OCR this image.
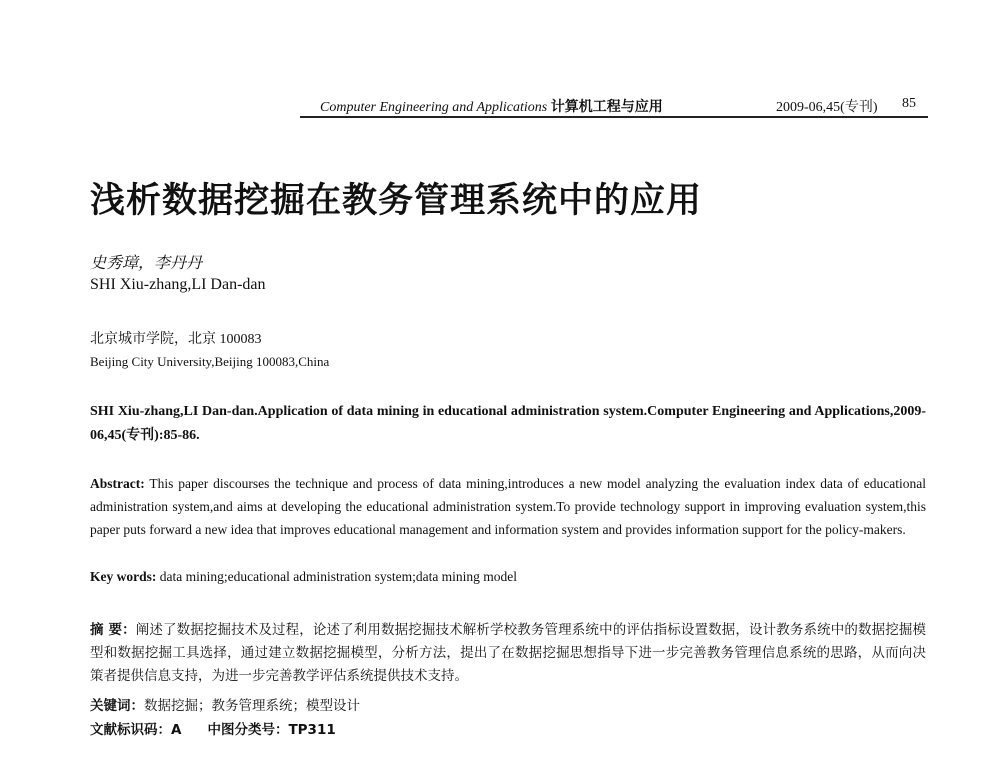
Computer Engineering and Applications 计算机工程与应用	2009-06,45(专刊) 85
浅析数据挖掘在教务管理系统中的应用
史秀璋，李丹丹
SHI Xiu-zhang,LI Dan-dan
北京城市学院，北京 100083
Beijing City University,Beijing 100083,China
SHI Xiu-zhang,LI Dan-dan.Application of data mining in educational administration system.Computer Engineering and Applications,2009-06,45(专刊):85-86.
Abstract: This paper discourses the technique and process of data mining,introduces a new model analyzing the evaluation index data of educational administration system,and aims at developing the educational administration system.To provide technology support in improving evaluation system,this paper puts forward a new idea that improves educational management and information system and provides information support for the policy-makers.
Key words: data mining;educational administration system;data mining model
摘 要：阐述了数据挖掘技术及过程，论述了利用数据挖掘技术解析学校教务管理系统中的评估指标设置数据，设计教务系统中的数据挖掘模型和数据挖掘工具选择，通过建立数据挖掘模型，分析方法，提出了在数据挖掘思想指导下进一步完善教务管理信息系统的思路，从而向决策者提供信息支持，为进一步完善教学评估系统提供技术支持。
关键词：数据挖掘；教务管理系统；模型设计
文献标识码：A 中图分类号：TP311
